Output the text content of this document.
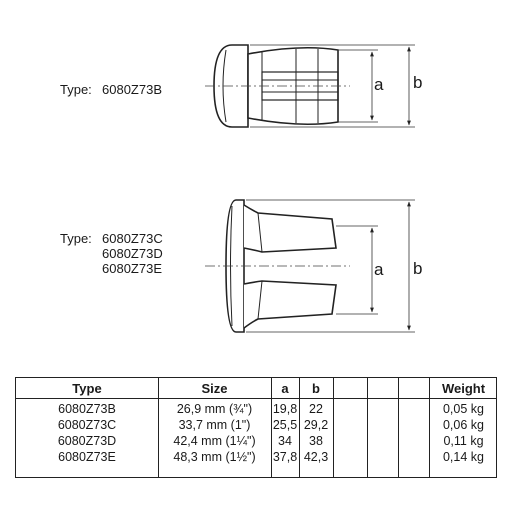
a b
a b
Type: 6080Z73B
Type: 6080Z73C
6080Z73D
6080Z73E
Type	Size	a	b	Weight
6080Z73B	26,9 mm (¾")	19,8 22	0,05 kg
6080Z73C	33,7 mm (1")	25,5 29,2	0,06 kg
6080Z73D	42,4 mm (1¼")	34	38	0,11 kg
6080Z73E	48,3 mm (1½")	37,8 42,3	0,14 kg
